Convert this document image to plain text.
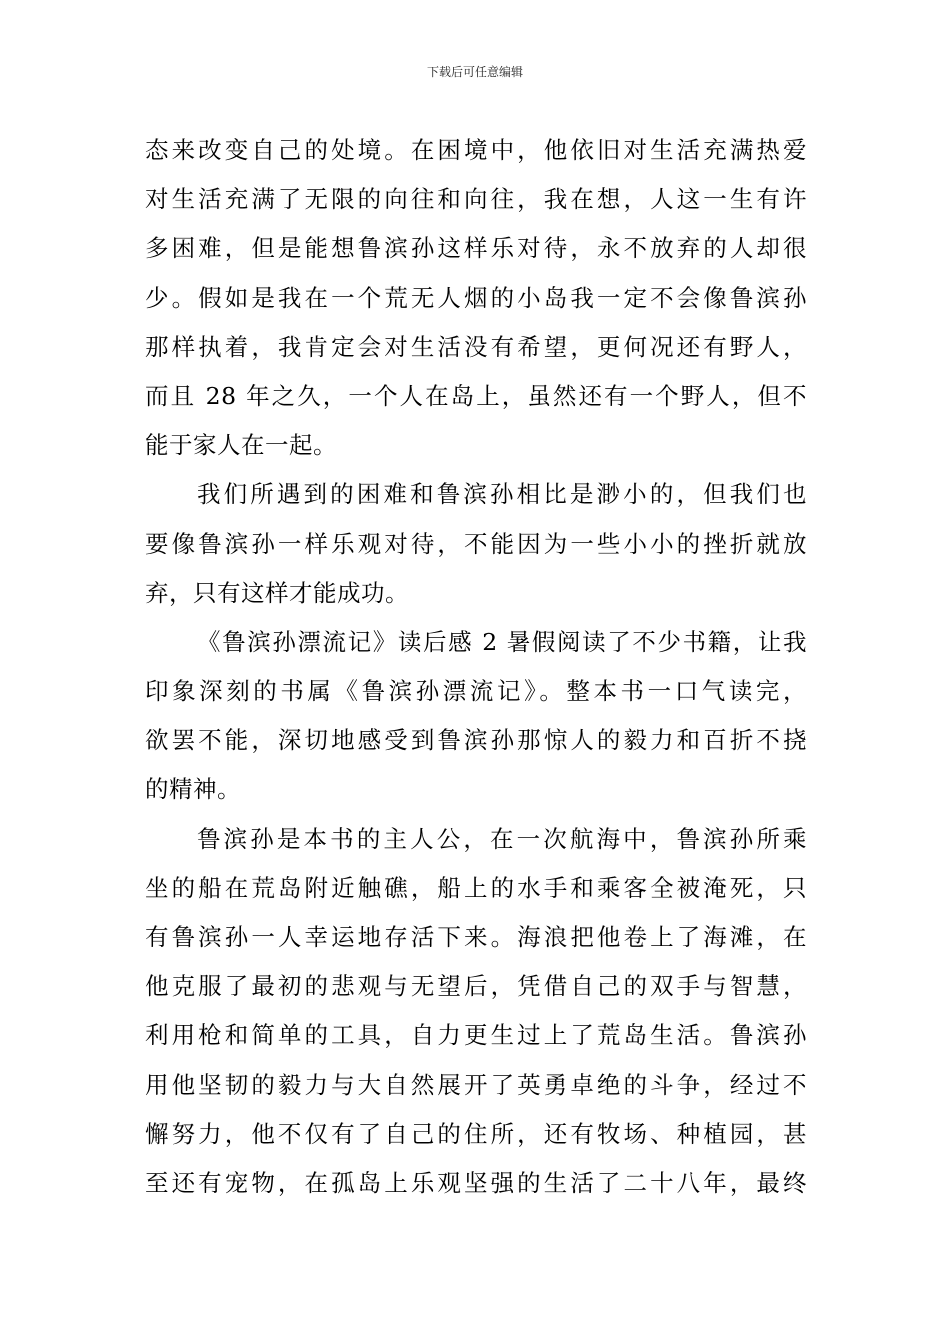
下载后可任意编辑
态来改变自己的处境。在困境中，他依旧对生活充满热爱
对生活充满了无限的向往和向往，我在想，人这一生有许
多困难，但是能想鲁滨孙这样乐对待，永不放弃的人却很
少。假如是我在一个荒无人烟的小岛我一定不会像鲁滨孙
那样执着，我肯定会对生活没有希望，更何况还有野人，
而且 28 年之久，一个人在岛上，虽然还有一个野人，但不
能于家人在一起。
我们所遇到的困难和鲁滨孙相比是渺小的，但我们也
要像鲁滨孙一样乐观对待，不能因为一些小小的挫折就放
弃，只有这样才能成功。
《鲁滨孙漂流记》读后感 2 暑假阅读了不少书籍，让我
印象深刻的书属《鲁滨孙漂流记》。整本书一口气读完，
欲罢不能，深切地感受到鲁滨孙那惊人的毅力和百折不挠
的精神。
鲁滨孙是本书的主人公，在一次航海中，鲁滨孙所乘
坐的船在荒岛附近触礁，船上的水手和乘客全被淹死，只
有鲁滨孙一人幸运地存活下来。海浪把他卷上了海滩，在
他克服了最初的悲观与无望后，凭借自己的双手与智慧，
利用枪和简单的工具，自力更生过上了荒岛生活。鲁滨孙
用他坚韧的毅力与大自然展开了英勇卓绝的斗争，经过不
懈努力，他不仅有了自己的住所，还有牧场、种植园，甚
至还有宠物，在孤岛上乐观坚强的生活了二十八年，最终
